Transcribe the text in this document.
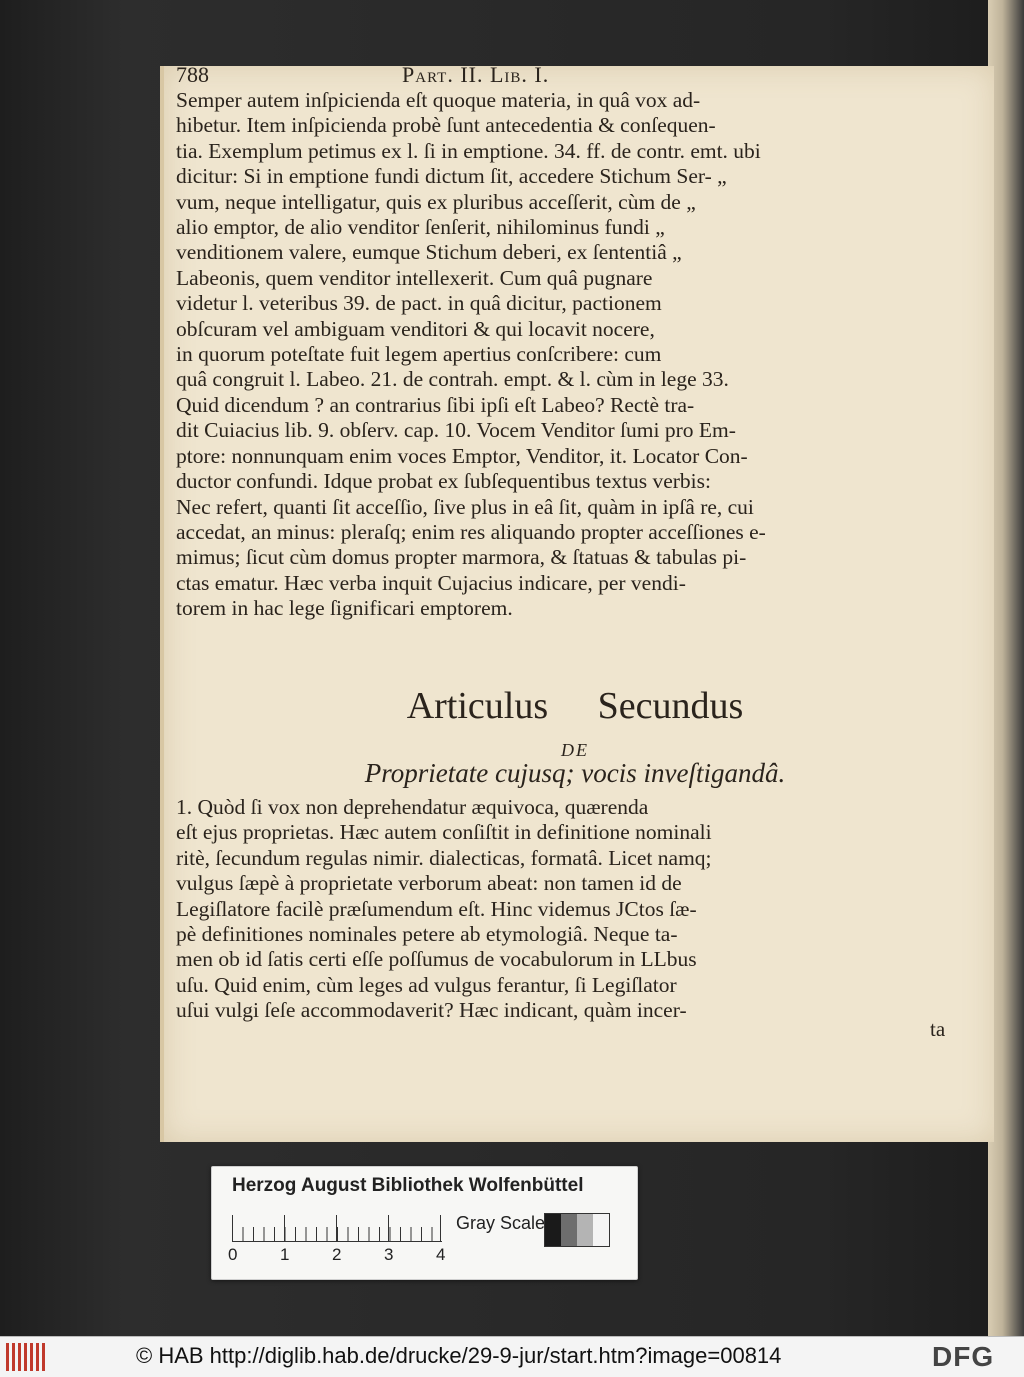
788	Part. II. Lib. I.

Semper autem inſpicienda eſt quoque materia, in quâ vox ad-
hibetur. Item inſpicienda probè ſunt antecedentia & conſequen-
tia. Exemplum petimus ex l. ſi in emptione. 34. ff. de contr. emt. ubi
dicitur: Si in emptione fundi dictum ſit, accedere Stichum Ser- „
vum, neque intelligatur, quis ex pluribus acceſſerit, cùm de „
alio emptor, de alio venditor ſenſerit, nihilominus fundi „
venditionem valere, eumque Stichum deberi, ex ſententiâ „
Labeonis, quem venditor intellexerit. Cum quâ pugnare
videtur l. veteribus 39. de pact. in quâ dicitur, pactionem
obſcuram vel ambiguam venditori & qui locavit nocere,
in quorum poteſtate fuit legem apertius conſcribere: cum
quâ congruit l. Labeo. 21. de contrah. empt. & l. cùm in lege 33.
Quid dicendum ? an contrarius ſibi ipſi eſt Labeo? Rectè tra-
dit Cuiacius lib. 9. obſerv. cap. 10. Vocem Venditor ſumi pro Em-
ptore: nonnunquam enim voces Emptor, Venditor, it. Locator Con-
ductor confundi. Idque probat ex ſubſequentibus textus verbis:
Nec refert, quanti ſit acceſſio, ſive plus in eâ ſit, quàm in ipſâ re, cui
accedat, an minus: pleraſq; enim res aliquando propter acceſſiones e-
mimus; ſicut cùm domus propter marmora, & ſtatuas & tabulas pi-
ctas ematur. Hæc verba inquit Cujacius indicare, per vendi-
torem in hac lege ſignificari emptorem.

Articulus Secundus
DE
Proprietate cujusq; vocis inveſtigandâ.

1. Quòd ſi vox non deprehendatur æquivoca, quærenda
eſt ejus proprietas. Hæc autem conſiſtit in definitione nominali
ritè, ſecundum regulas nimir. dialecticas, formatâ. Licet namq;
vulgus ſæpè à proprietate verborum abeat: non tamen id de
Legiſlatore facilè præſumendum eſt. Hinc videmus JCtos ſæ-
pè definitiones nominales petere ab etymologiâ. Neque ta-
men ob id ſatis certi eſſe poſſumus de vocabulorum in LLbus
uſu. Quid enim, cùm leges ad vulgus ferantur, ſi Legiſlator
uſui vulgi ſeſe accommodaverit? Hæc indicant, quàm incer-

ta
Herzog August Bibliothek Wolfenbüttel
0	1	2	3	4
Gray Scale
© HAB http://diglib.hab.de/drucke/29-9-jur/start.htm?image=00814	DFG
